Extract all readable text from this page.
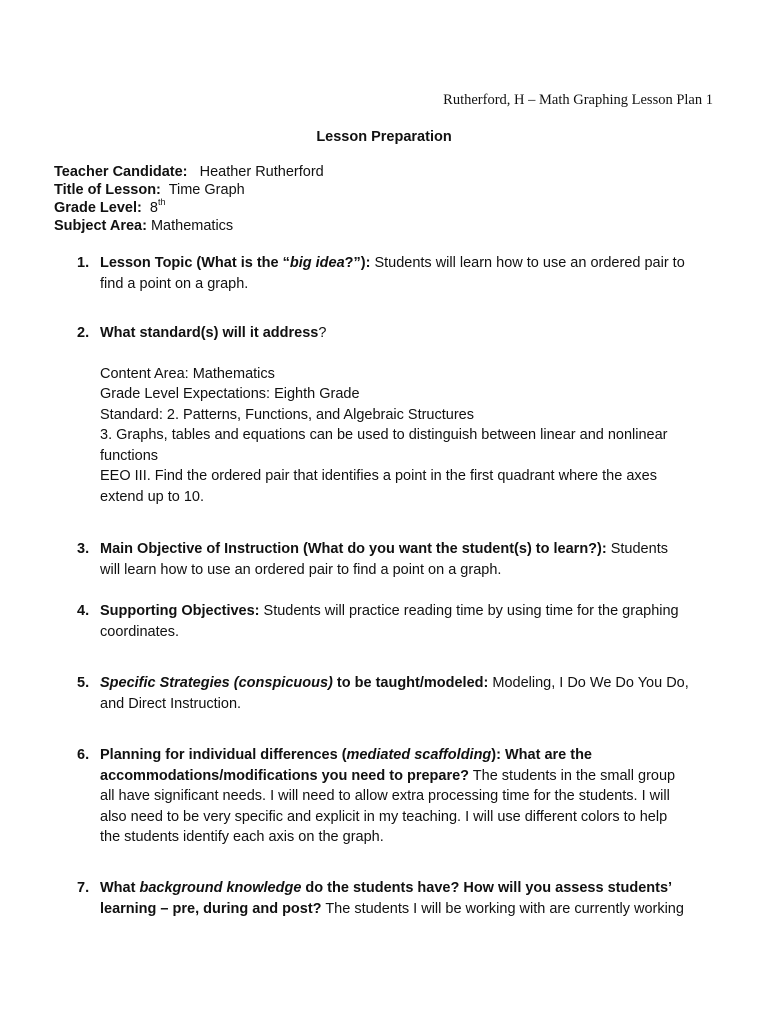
Rutherford, H – Math Graphing Lesson Plan 1
Lesson Preparation
Teacher Candidate: Heather Rutherford
Title of Lesson: Time Graph
Grade Level: 8th
Subject Area: Mathematics
1. Lesson Topic (What is the “big idea?”): Students will learn how to use an ordered pair to
find a point on a graph.
2. What standard(s) will it address?
Content Area: Mathematics
Grade Level Expectations: Eighth Grade
Standard: 2. Patterns, Functions, and Algebraic Structures
3. Graphs, tables and equations can be used to distinguish between linear and nonlinear
functions
EEO III. Find the ordered pair that identifies a point in the first quadrant where the axes
extend up to 10.
3. Main Objective of Instruction (What do you want the student(s) to learn?): Students
will learn how to use an ordered pair to find a point on a graph.
4. Supporting Objectives: Students will practice reading time by using time for the graphing
coordinates.
5. Specific Strategies (conspicuous) to be taught/modeled: Modeling, I Do We Do You Do,
and Direct Instruction.
6. Planning for individual differences (mediated scaffolding): What are the
accommodations/modifications you need to prepare? The students in the small group
all have significant needs. I will need to allow extra processing time for the students. I will
also need to be very specific and explicit in my teaching. I will use different colors to help
the students identify each axis on the graph.
7. What background knowledge do the students have? How will you assess students’
learning – pre, during and post? The students I will be working with are currently working
